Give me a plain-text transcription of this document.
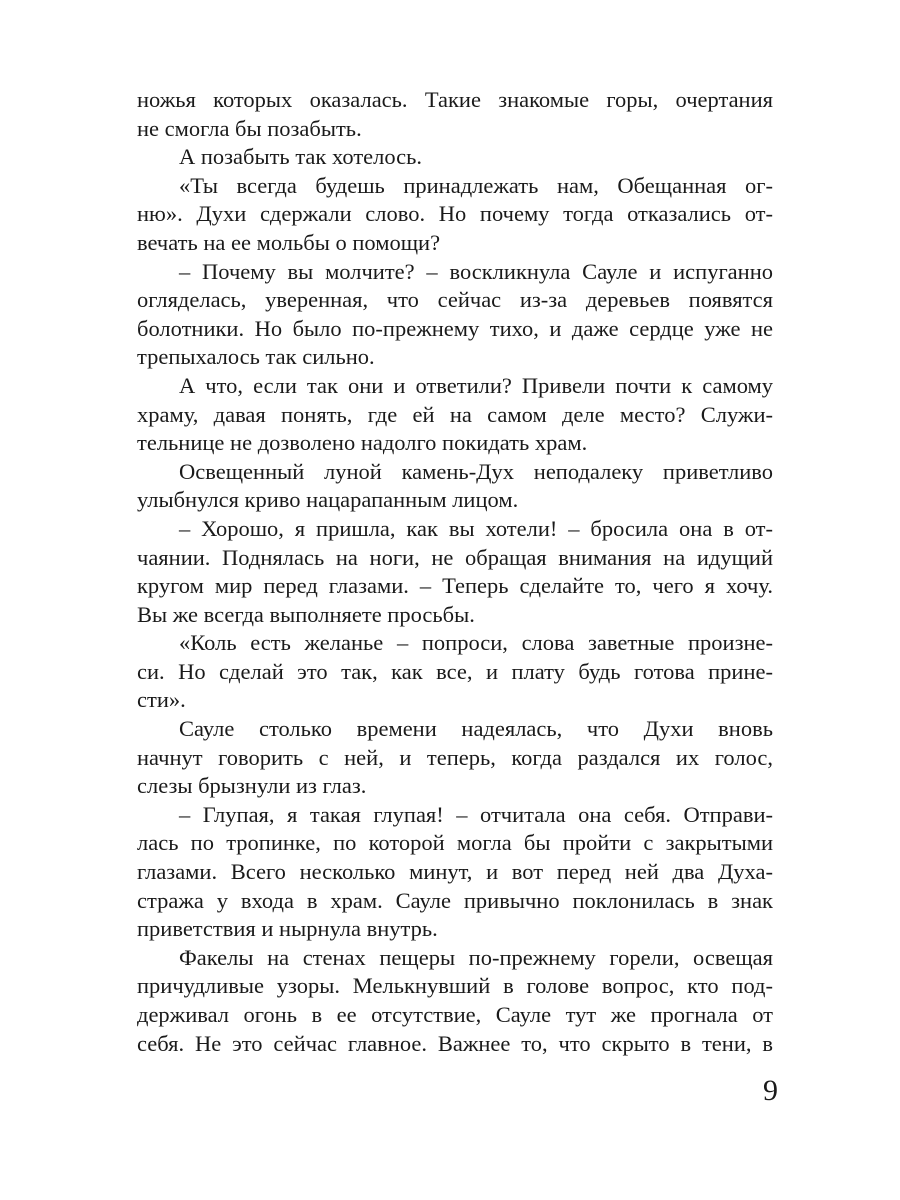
ножья которых оказалась. Такие знакомые горы, очертания
не смогла бы позабыть.
А позабыть так хотелось.
«Ты всегда будешь принадлежать нам, Обещанная ог-
ню». Духи сдержали слово. Но почему тогда отказались от-
вечать на ее мольбы о помощи?
– Почему вы молчите? – воскликнула Сауле и испуганно
огляделась, уверенная, что сейчас из-за деревьев появятся
болотники. Но было по-прежнему тихо, и даже сердце уже не
трепыхалось так сильно.
А что, если так они и ответили? Привели почти к самому
храму, давая понять, где ей на самом деле место? Служи-
тельнице не дозволено надолго покидать храм.
Освещенный луной камень-Дух неподалеку приветливо
улыбнулся криво нацарапанным лицом.
– Хорошо, я пришла, как вы хотели! – бросила она в от-
чаянии. Поднялась на ноги, не обращая внимания на идущий
кругом мир перед глазами. – Теперь сделайте то, чего я хочу.
Вы же всегда выполняете просьбы.
«Коль есть желанье – попроси, слова заветные произне-
си. Но сделай это так, как все, и плату будь готова прине-
сти».
Сауле столько времени надеялась, что Духи вновь
начнут говорить с ней, и теперь, когда раздался их голос,
слезы брызнули из глаз.
– Глупая, я такая глупая! – отчитала она себя. Отправи-
лась по тропинке, по которой могла бы пройти с закрытыми
глазами. Всего несколько минут, и вот перед ней два Духа-
стража у входа в храм. Сауле привычно поклонилась в знак
приветствия и нырнула внутрь.
Факелы на стенах пещеры по-прежнему горели, освещая
причудливые узоры. Мелькнувший в голове вопрос, кто под-
держивал огонь в ее отсутствие, Сауле тут же прогнала от
себя. Не это сейчас главное. Важнее то, что скрыто в тени, в
9
